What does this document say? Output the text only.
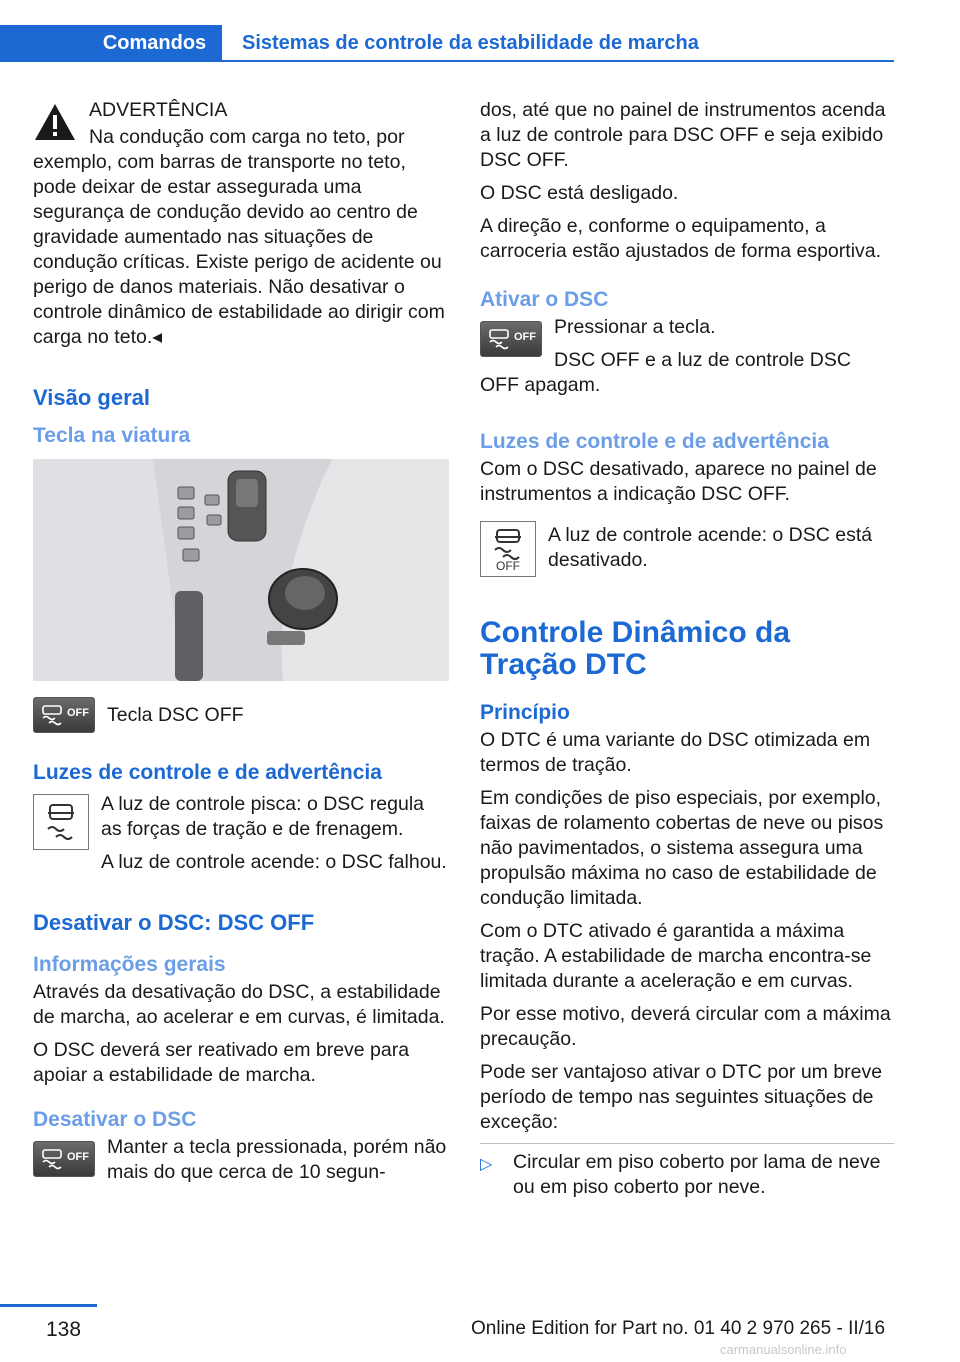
Comandos	Sistemas de controle da estabilidade de marcha

ADVERTÊNCIA

Na condução com carga no teto, por exemplo, com barras de transporte no teto, pode deixar de estar assegurada uma segurança de condução devido ao centro de gravidade aumentado nas situações de condução críticas. Existe perigo de acidente ou perigo de danos materiais. Não desativar o controle dinâmico de estabilidade ao dirigir com carga no teto.◂

Visão geral
Tecla na viatura
OFF Tecla DSC OFF

Luzes de controle e de advertência

A luz de controle pisca: o DSC regula as forças de tração e de frenagem.

A luz de controle acende: o DSC falhou.

Desativar o DSC: DSC OFF
Informações gerais

Através da desativação do DSC, a estabilidade de marcha, ao acelerar e em curvas, é limitada.

O DSC deverá ser reativado em breve para apoiar a estabilidade de marcha.

Desativar o DSC
OFF Manter a tecla pressionada, porém não mais do que cerca de 10 segun-

dos, até que no painel de instrumentos acenda a luz de controle para DSC OFF e seja exibido DSC OFF.

O DSC está desligado.

A direção e, conforme o equipamento, a carroceria estão ajustados de forma esportiva.

Ativar o DSC
OFF Pressionar a tecla.

DSC OFF e a luz de controle DSC OFF apagam.

Luzes de controle e de advertência

Com o DSC desativado, aparece no painel de instrumentos a indicação DSC OFF.

OFF

A luz de controle acende: o DSC está desativado.

Controle Dinâmico da Tração DTC
Princípio

O DTC é uma variante do DSC otimizada em termos de tração.

Em condições de piso especiais, por exemplo, faixas de rolamento cobertas de neve ou pisos não pavimentados, o sistema assegura uma propulsão máxima no caso de estabilidade de condução limitada.

Com o DTC ativado é garantida a máxima tração. A estabilidade de marcha encontra-se limitada durante a aceleração e em curvas.

Por esse motivo, deverá circular com a máxima precaução.

Pode ser vantajoso ativar o DTC por um breve período de tempo nas seguintes situações de exceção:

▷	Circular em piso coberto por lama de neve ou em piso coberto por neve.
138	Online Edition for Part no. 01 40 2 970 265 - II/16
carmanualsonline.info
